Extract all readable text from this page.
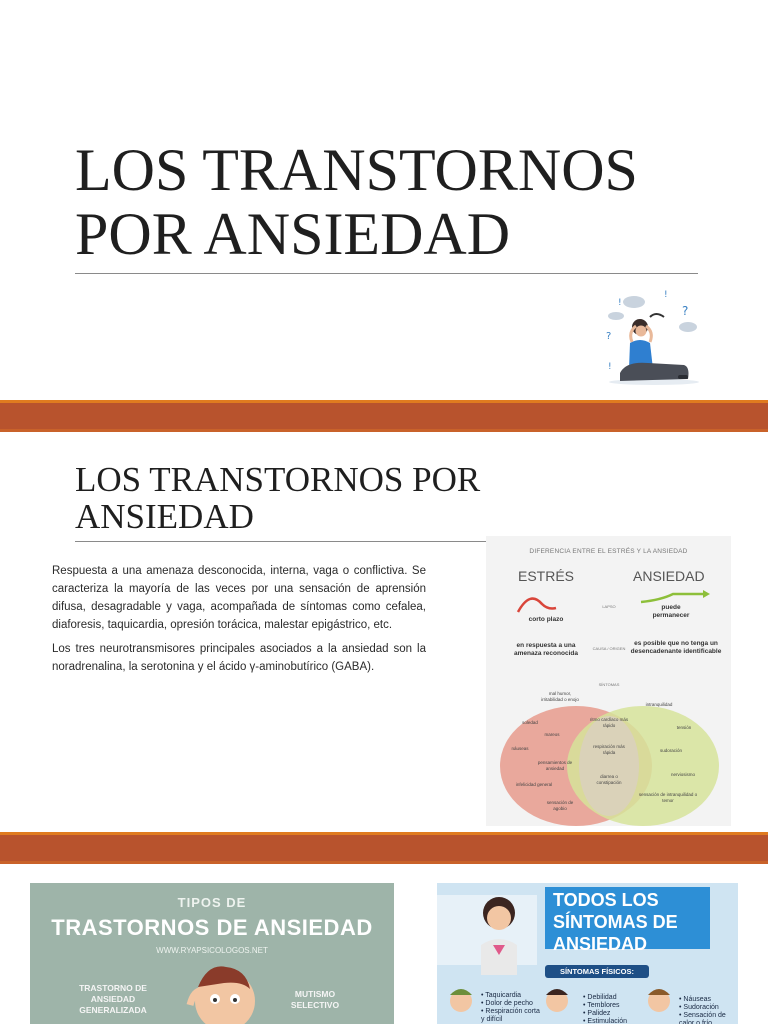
LOS TRANSTORNOS POR ANSIEDAD
?
?
!
!
!
LOS TRANSTORNOS POR ANSIEDAD

Respuesta a una amenaza desconocida, interna, vaga o conflictiva. Se caracteriza la mayoría de las veces por una sensación de aprensión difusa, desagradable y vaga, acompañada de síntomas como cefalea, diaforesis, taquicardia, opresión torácica, malestar epigástrico, etc.

Los tres neurotransmisores principales asociados a la ansiedad son la noradrenalina, la serotonina y el ácido γ-aminobutírico (GABA).

DIFERENCIA ENTRE EL ESTRÉS Y LA ANSIEDAD
ESTRÉS	ANSIEDAD
corto plazo
LAPSO	puede permanecer
en respuesta a una amenaza reconocida
CAUSA / ORIGEN
es posible que no tenga un desencadenante identificable
SÍNTOMAS
mal humor, irritabilidad o enojo
soledad
mareos
náuseas
pensamientos de ansiedad
infelicidad general
sensación de agobio
ritmo cardíaco más rápido
respiración más rápida
diarrea o constipación
intranquilidad
tensión
sudoración
nerviosismo
sensación de intranquilidad o temor
TIPOS DE
TRASTORNOS DE ANSIEDAD
WWW.RYAPSICOLOGOS.NET
TRASTORNO DE ANSIEDAD GENERALIZADA
MUTISMO SELECTIVO
TODOS LOS SÍNTOMAS DE ANSIEDAD
SÍNTOMAS FÍSICOS:
• Taquicardia
• Dolor de pecho
• Respiración corta
y difícil
• Debilidad
• Temblores
• Palidez
• Estimulación
• Náuseas
• Sudoración
• Sensación de
calor o frío
